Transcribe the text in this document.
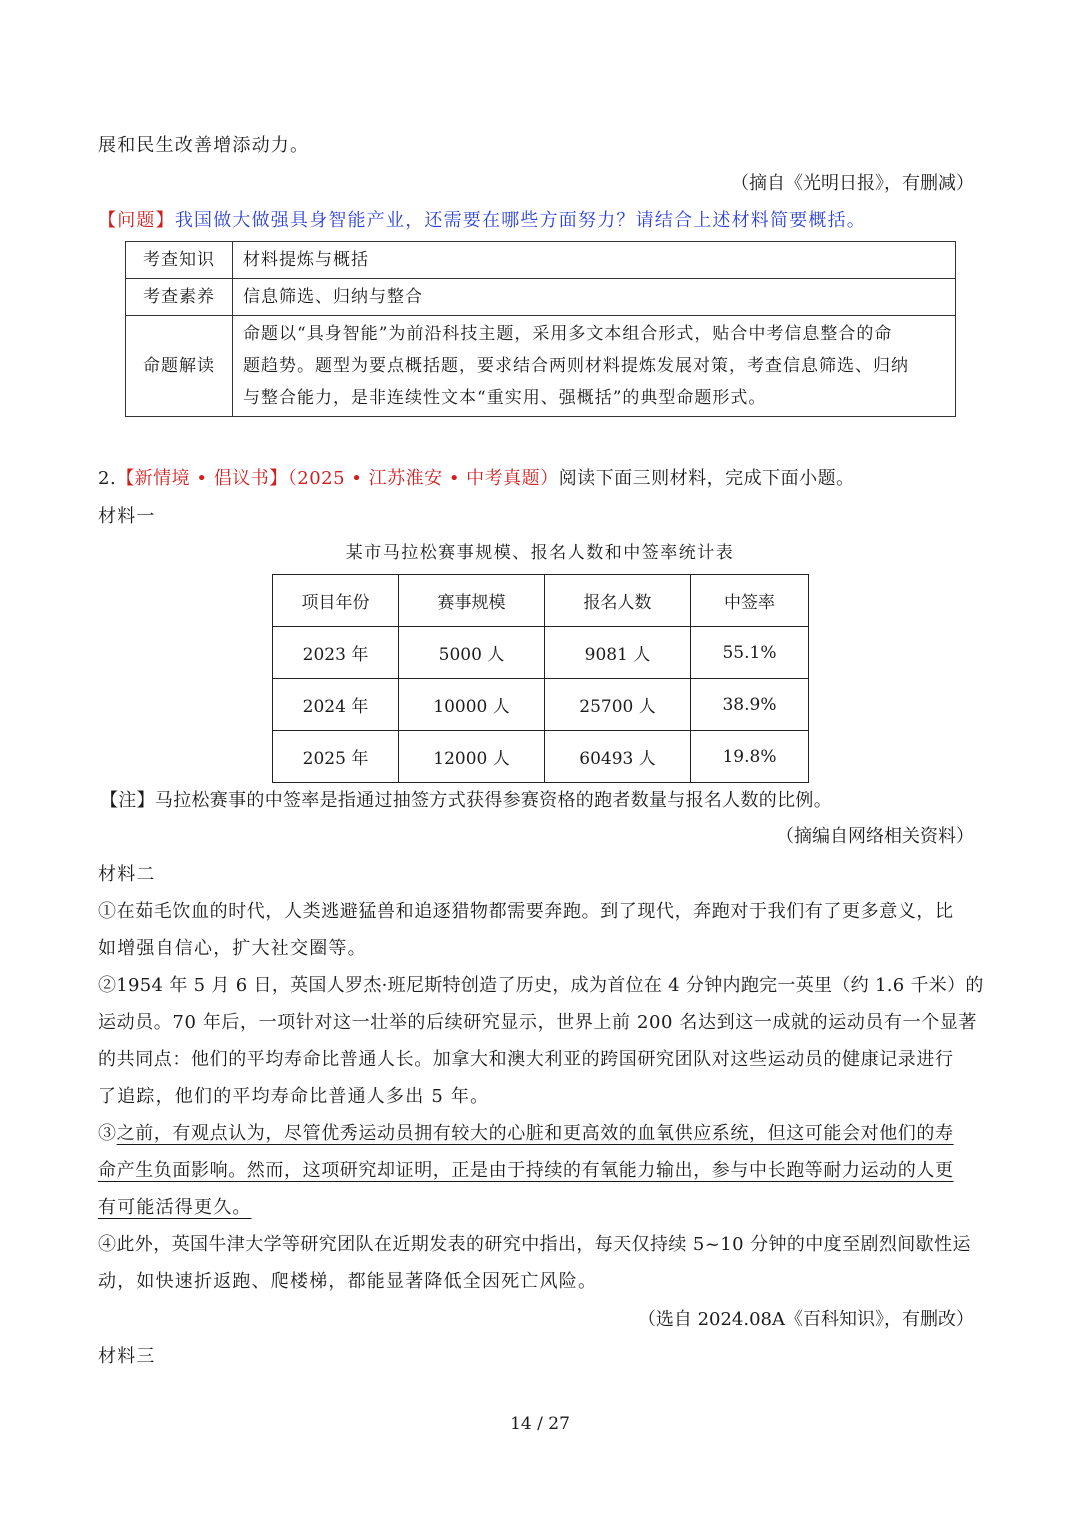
展和民生改善增添动力。
（摘自《光明日报》，有删减）
【问题】我国做大做强具身智能产业，还需要在哪些方面努力？请结合上述材料简要概括。
考查知识	材料提炼与概括
考查素养	信息筛选、归纳与整合
命题解读	命题以“具身智能”为前沿科技主题，采用多文本组合形式，贴合中考信息整合的命
题趋势。题型为要点概括题，要求结合两则材料提炼发展对策，考查信息筛选、归纳
与整合能力，是非连续性文本“重实用、强概括”的典型命题形式。
2.【新情境 • 倡议书】（2025 • 江苏淮安 • 中考真题）阅读下面三则材料，完成下面小题。
材料一
某市马拉松赛事规模、报名人数和中签率统计表
项目年份	赛事规模	报名人数	中签率
2023 年	5000 人	9081 人	55.1%
2024 年	10000 人	25700 人	38.9%
2025 年	12000 人	60493 人	19.8%
【注】马拉松赛事的中签率是指通过抽签方式获得参赛资格的跑者数量与报名人数的比例。
（摘编自网络相关资料）
材料二
①在茹毛饮血的时代，人类逃避猛兽和追逐猎物都需要奔跑。到了现代，奔跑对于我们有了更多意义，比
如增强自信心，扩大社交圈等。
②1954 年 5 月 6 日，英国人罗杰·班尼斯特创造了历史，成为首位在 4 分钟内跑完一英里（约 1.6 千米）的
运动员。70 年后，一项针对这一壮举的后续研究显示，世界上前 200 名达到这一成就的运动员有一个显著
的共同点：他们的平均寿命比普通人长。加拿大和澳大利亚的跨国研究团队对这些运动员的健康记录进行
了追踪，他们的平均寿命比普通人多出 5 年。
③之前，有观点认为，尽管优秀运动员拥有较大的心脏和更高效的血氧供应系统，但这可能会对他们的寿
命产生负面影响。然而，这项研究却证明，正是由于持续的有氧能力输出，参与中长跑等耐力运动的人更
有可能活得更久。
④此外，英国牛津大学等研究团队在近期发表的研究中指出，每天仅持续 5~10 分钟的中度至剧烈间歇性运
动，如快速折返跑、爬楼梯，都能显著降低全因死亡风险。
（选自 2024.08A《百科知识》，有删改）
材料三
14 / 27
